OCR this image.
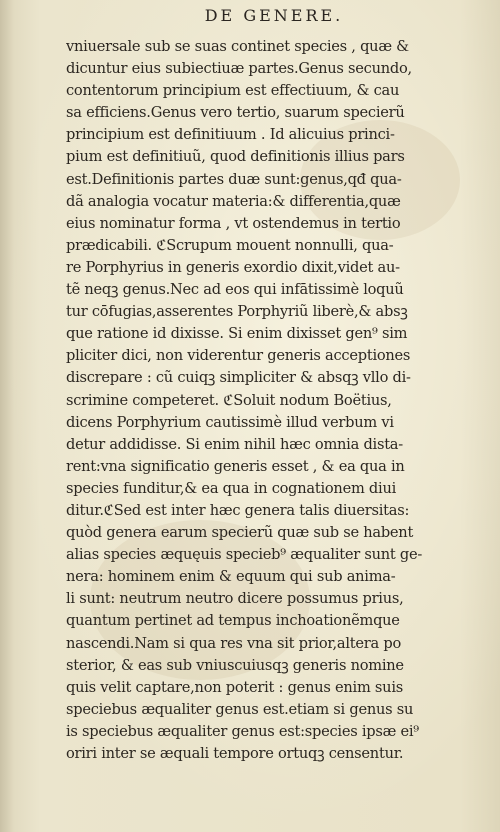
DE GENERE.
vniuersale sub se suas continet species , quæ &
dicuntur eius subiectiuæ partes.Genus secundo,
contentorum principium est effectiuum, & cau
sa efficiens.Genus vero tertio, suarum specierũ
principium est definitiuum . Id alicuius princi-
pium est definitiuũ, quod definitionis illius pars
est.Definitionis partes duæ sunt:genus,qđ qua-
dã analogia vocatur materia:& differentia,quæ
eius nominatur forma , vt ostendemus in tertio
prædicabili. ℭScrupum mouent nonnulli, qua-
re Porphyrius in generis exordio dixit,videt au-
tẽ neqꝫ genus.Nec ad eos qui infātissimè loquũ
tur cōfugias,asserentes Porphyriũ liberè,& absꝫ
que ratione id dixisse. Si enim dixisset gen⁹ sim
pliciter dici, non viderentur generis acceptiones
discrepare : cũ cuiqꝫ simpliciter & absqꝫ vllo di-
scrimine competeret. ℭSoluit nodum Boëtius,
dicens Porphyrium cautissimè illud verbum vi
detur addidisse. Si enim nihil hæc omnia dista-
rent:vna significatio generis esset , & ea qua in
species funditur,& ea qua in cognationem diui
ditur.ℭSed est inter hæc genera talis diuersitas:
quòd genera earum specierũ quæ sub se habent
alias species æquęuis specieb⁹ æqualiter sunt ge-
nera: hominem enim & equum qui sub anima-
li sunt: neutrum neutro dicere possumus prius,
quantum pertinet ad tempus inchoationẽmque
nascendi.Nam si qua res vna sit prior,altera po
sterior, & eas sub vniuscuiusqꝫ generis nomine
quis velit captare,non poterit : genus enim suis
speciebus æqualiter genus est.etiam si genus su
is speciebus æqualiter genus est:species ipsæ ei⁹
oriri inter se æquali tempore ortuqꝫ censentur.
